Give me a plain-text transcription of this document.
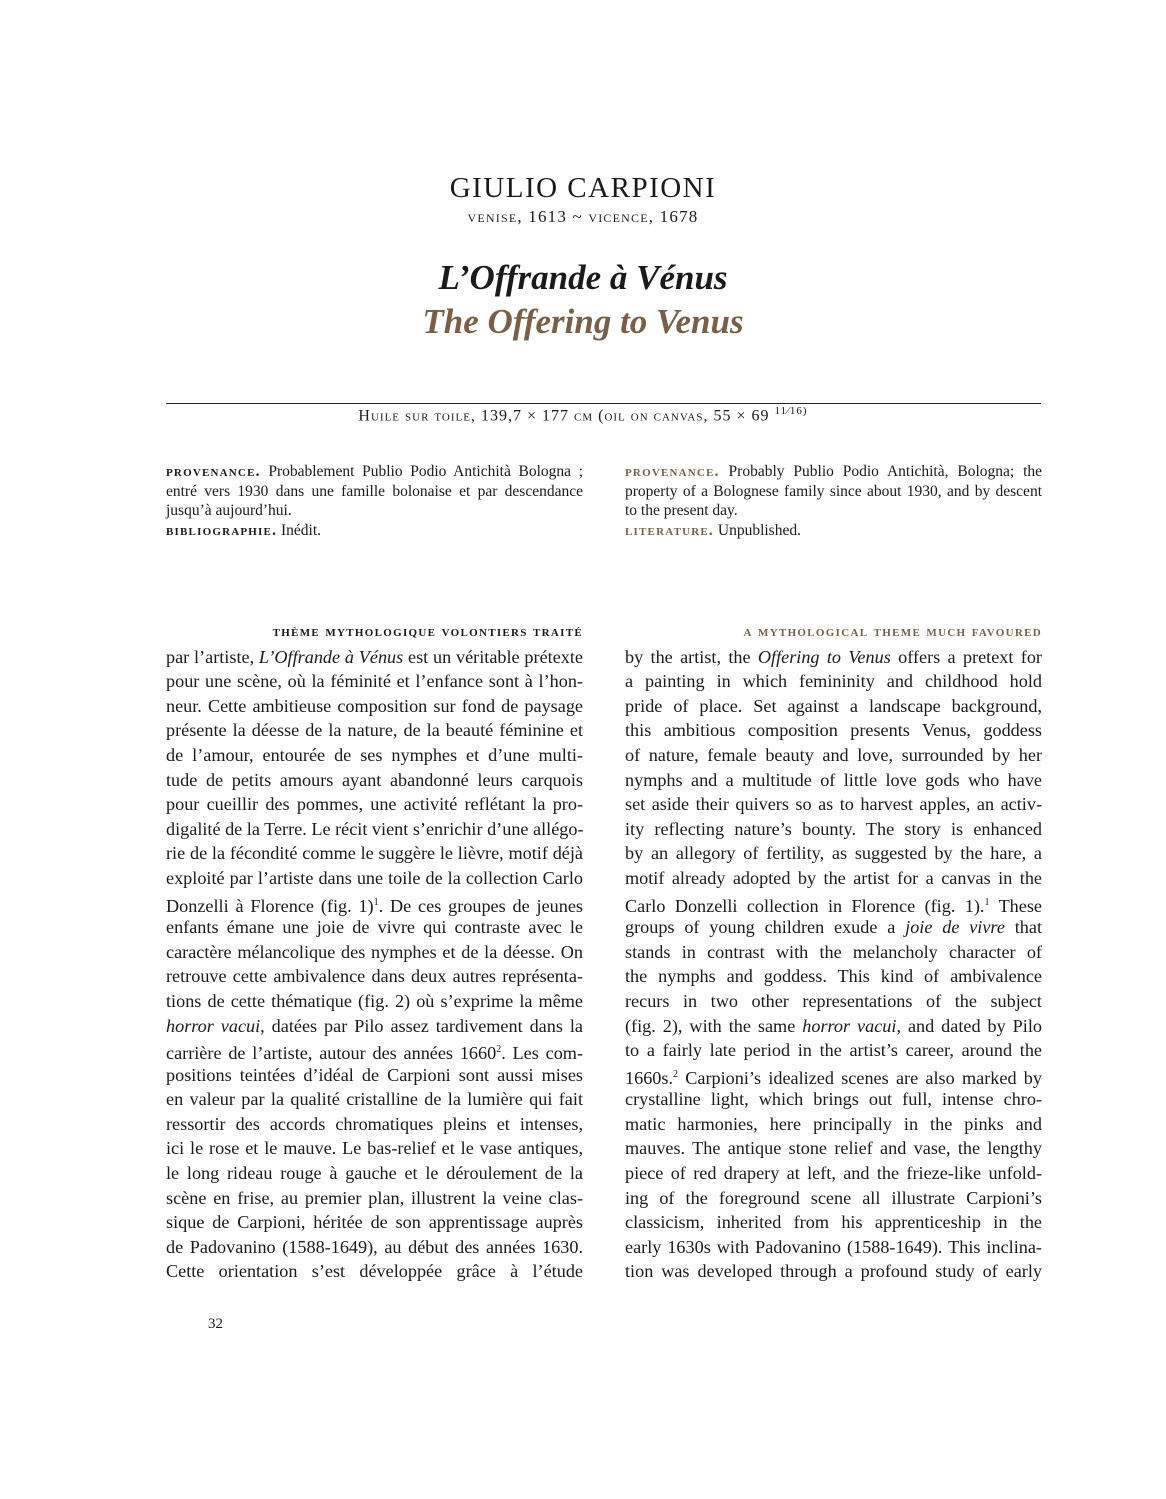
GIULIO CARPIONI
venise, 1613 ~ vicence, 1678
L’Offrande à Vénus
The Offering to Venus
Huile sur toile, 139,7 × 177 cm (oil on canvas, 55 × 69 $^{11⁄16)}$
provenance. Probablement Publio Podio Antichità Bologna ; entré vers 1930 dans une famille bolonaise et par descendance jusqu’à aujourd’hui.
bibliographie. Inédit.
provenance. Probably Publio Podio Antichità, Bologna; the property of a Bolognese family since about 1930, and by descent to the present day.
literature. Unpublished.
thème mythologique volontiers traité
par l’artiste, L’Offrande à Vénus est un véritable prétexte
pour une scène, où la féminité et l’enfance sont à l’hon-
neur. Cette ambitieuse composition sur fond de paysage
présente la déesse de la nature, de la beauté féminine et
de l’amour, entourée de ses nymphes et d’une multi-
tude de petits amours ayant abandonné leurs carquois
pour cueillir des pommes, une activité reflétant la pro-
digalité de la Terre. Le récit vient s’enrichir d’une allégo-
rie de la fécondité comme le suggère le lièvre, motif déjà
exploité par l’artiste dans une toile de la collection Carlo
Donzelli à Florence (fig. 1)$^1$. De ces groupes de jeunes
enfants émane une joie de vivre qui contraste avec le
caractère mélancolique des nymphes et de la déesse. On
retrouve cette ambivalence dans deux autres représenta-
tions de cette thématique (fig. 2) où s’exprime la même
horror vacui, datées par Pilo assez tardivement dans la
carrière de l’artiste, autour des années 1660$^2$. Les com-
positions teintées d’idéal de Carpioni sont aussi mises
en valeur par la qualité cristalline de la lumière qui fait
ressortir des accords chromatiques pleins et intenses,
ici le rose et le mauve. Le bas-relief et le vase antiques,
le long rideau rouge à gauche et le déroulement de la
scène en frise, au premier plan, illustrent la veine clas-
sique de Carpioni, héritée de son apprentissage auprès
de Padovanino (1588-1649), au début des années 1630.
Cette orientation s’est développée grâce à l’étude
a mythological theme much favoured
by the artist, the Offering to Venus offers a pretext for
a painting in which femininity and childhood hold
pride of place. Set against a landscape background,
this ambitious composition presents Venus, goddess
of nature, female beauty and love, surrounded by her
nymphs and a multitude of little love gods who have
set aside their quivers so as to harvest apples, an activ-
ity reflecting nature’s bounty. The story is enhanced
by an allegory of fertility, as suggested by the hare, a
motif already adopted by the artist for a canvas in the
Carlo Donzelli collection in Florence (fig. 1).$^1$ These
groups of young children exude a joie de vivre that
stands in contrast with the melancholy character of
the nymphs and goddess. This kind of ambivalence
recurs in two other representations of the subject
(fig. 2), with the same horror vacui, and dated by Pilo
to a fairly late period in the artist’s career, around the
1660s.$^2$ Carpioni’s idealized scenes are also marked by
crystalline light, which brings out full, intense chro-
matic harmonies, here principally in the pinks and
mauves. The antique stone relief and vase, the lengthy
piece of red drapery at left, and the frieze-like unfold-
ing of the foreground scene all illustrate Carpioni’s
classicism, inherited from his apprenticeship in the
early 1630s with Padovanino (1588-1649). This inclina-
tion was developed through a profound study of early
32
